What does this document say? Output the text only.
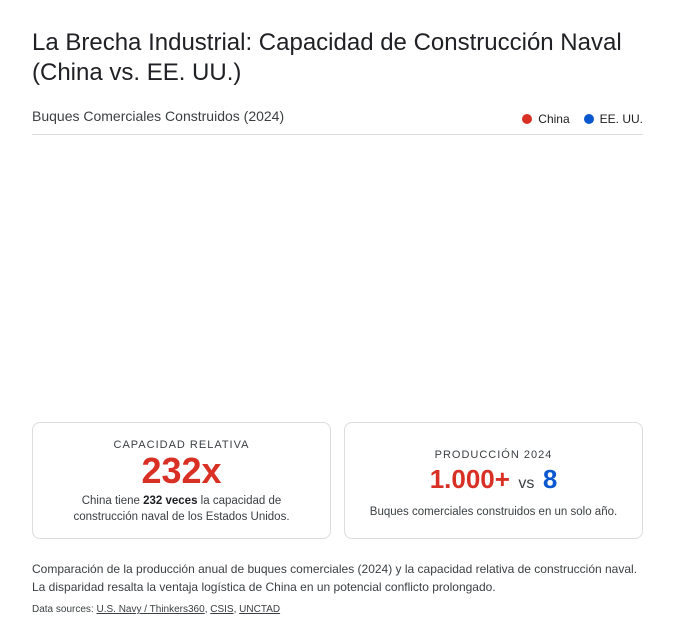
La Brecha Industrial: Capacidad de Construcción Naval (China vs. EE. UU.)
Buques Comerciales Construidos (2024)	China	EE. UU.
CAPACIDAD RELATIVA
232x
China tiene 232 veces la capacidad de construcción naval de los Estados Unidos.
PRODUCCIÓN 2024
1.000+ vs 8
Buques comerciales construidos en un solo año.

Comparación de la producción anual de buques comerciales (2024) y la capacidad relativa de construcción naval. La disparidad resalta la ventaja logística de China en un potencial conflicto prolongado.

Data sources: U.S. Navy / Thinkers360, CSIS, UNCTAD
